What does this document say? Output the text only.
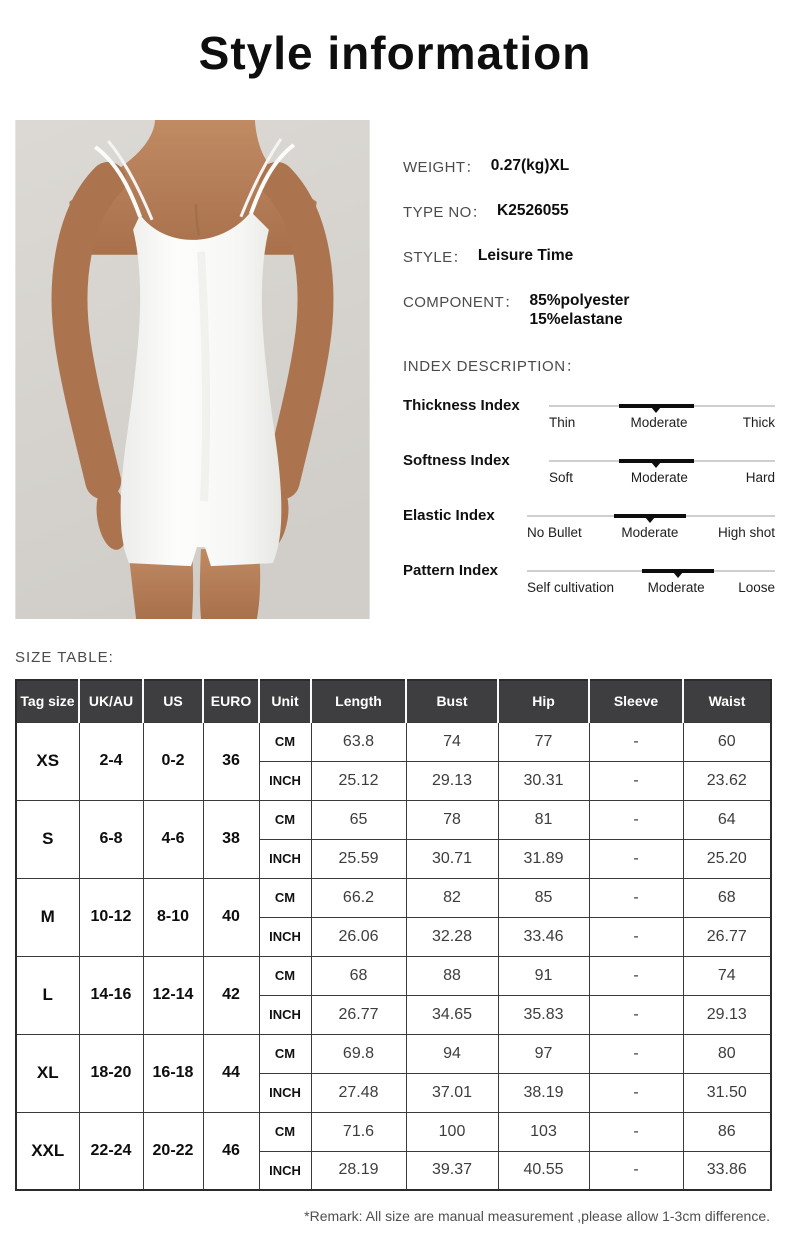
Style information
WEIGHT： 0.27(kg)XL
TYPE NO： K2526055
STYLE： Leisure Time
COMPONENT： 85%polyester
15%elastane
INDEX DESCRIPTION：
Thickness Index
Thin	Moderate	Thick
Softness Index
Soft	Moderate	Hard
Elastic Index
No Bullet	Moderate	High shot
Pattern Index
Self cultivation Moderate Loose
SIZE TABLE:
Tag size	UK/AU	US	EURO	Unit	Length	Bust	Hip	Sleeve	Waist
XS	2-4	0-2	36	CM	63.8	74	77	-	60
				INCH	25.12	29.13	30.31	-	23.62
S	6-8	4-6	38	CM	65	78	81	-	64
				INCH	25.59	30.71	31.89	-	25.20
M	10-12	8-10	40	CM	66.2	82	85	-	68
				INCH	26.06	32.28	33.46	-	26.77
L	14-16	12-14	42	CM	68	88	91	-	74
				INCH	26.77	34.65	35.83	-	29.13
XL	18-20	16-18	44	CM	69.8	94	97	-	80
				INCH	27.48	37.01	38.19	-	31.50
XXL	22-24	20-22	46	CM	71.6	100	103	-	86
				INCH	28.19	39.37	40.55	-	33.86
*Remark: All size are manual measurement ,please allow 1-3cm difference.
